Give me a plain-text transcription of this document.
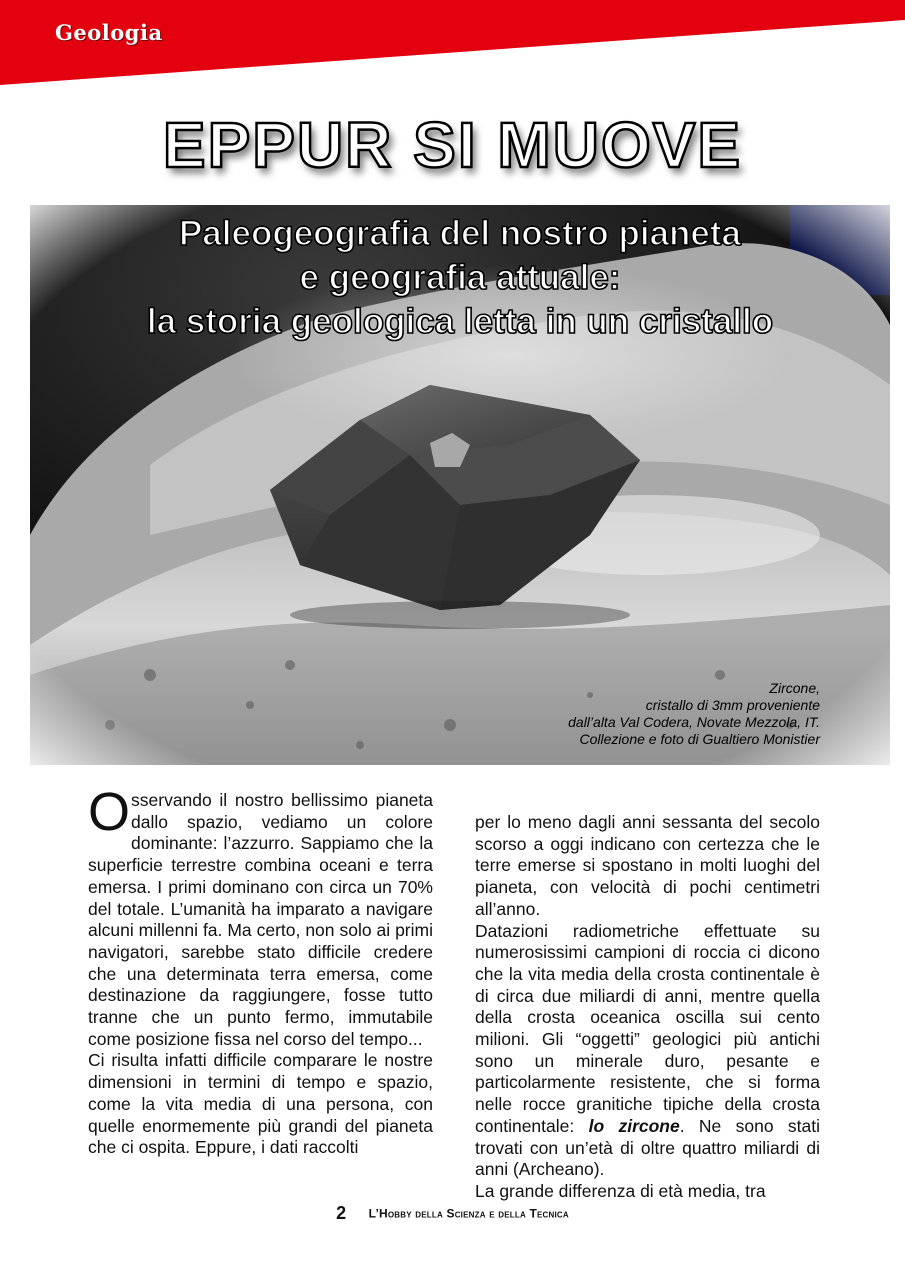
Geologia
EPPUR SI MUOVE
Paleogeografia del nostro pianeta
e geografia attuale:
la storia geologica letta in un cristallo
Zircone,
cristallo di 3mm proveniente
dall’alta Val Codera, Novate Mezzola, IT.
Collezione e foto di Gualtiero Monistier

Osservando il nostro bellissimo pianeta dallo spazio, vediamo un colore dominante: l’azzurro. Sappiamo che la superficie terrestre combina oceani e terra emersa. I primi dominano con circa un 70% del totale. L’umanità ha imparato a navigare alcuni millenni fa. Ma certo, non solo ai primi navigatori, sarebbe stato difficile credere che una determinata terra emersa, come destinazione da raggiungere, fosse tutto tranne che un punto fermo, immutabile come posizione fissa nel corso del tempo...

Ci risulta infatti difficile comparare le nostre dimensioni in termini di tempo e spazio, come la vita media di una persona, con quelle enormemente più grandi del pianeta che ci ospita. Eppure, i dati raccolti

per lo meno dagli anni sessanta del secolo scorso a oggi indicano con certezza che le terre emerse si spostano in molti luoghi del pianeta, con velocità di pochi centimetri all’anno.

Datazioni radiometriche effettuate su numerosissimi campioni di roccia ci dicono che la vita media della crosta continentale è di circa due miliardi di anni, mentre quella della crosta oceanica oscilla sui cento milioni. Gli “oggetti” geologici più antichi sono un minerale duro, pesante e particolarmente resistente, che si forma nelle rocce granitiche tipiche della crosta continentale: lo zircone. Ne sono stati trovati con un’età di oltre quattro miliardi di anni (Archeano).

La grande differenza di età media, tra

2 L’Hobby della Scienza e della Tecnica
